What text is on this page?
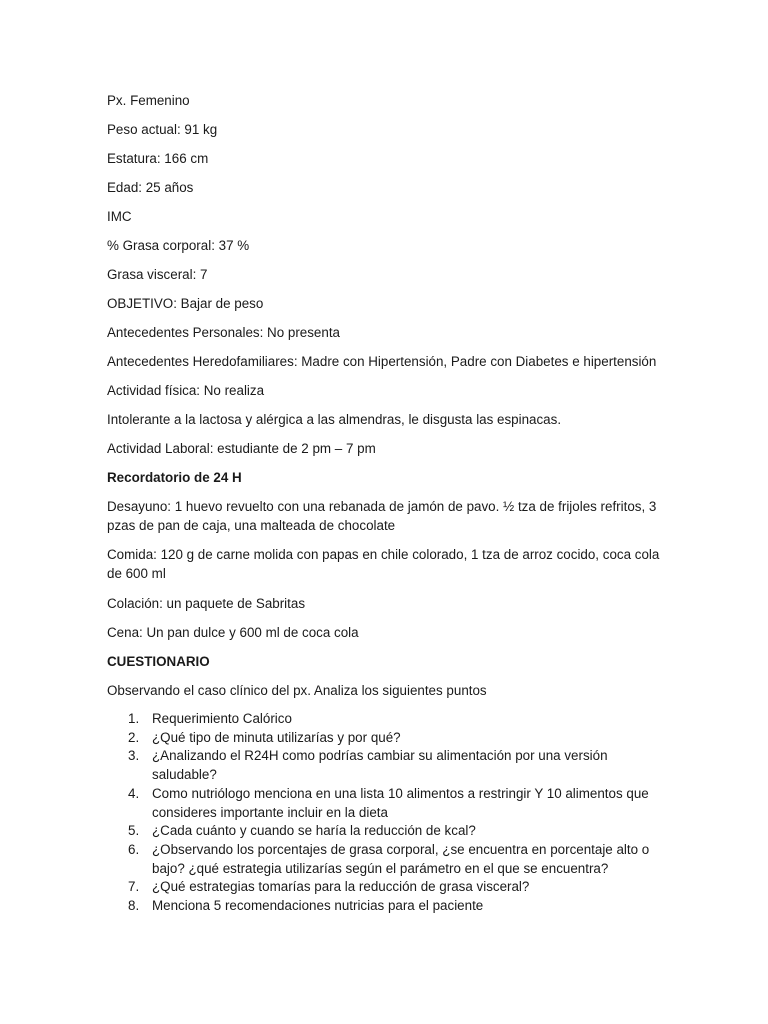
Px. Femenino

Peso actual: 91 kg

Estatura: 166 cm

Edad: 25 años

IMC

% Grasa corporal: 37 %

Grasa visceral: 7

OBJETIVO: Bajar de peso

Antecedentes Personales: No presenta

Antecedentes Heredofamiliares: Madre con Hipertensión, Padre con Diabetes e hipertensión

Actividad física: No realiza

Intolerante a la lactosa y alérgica a las almendras, le disgusta las espinacas.

Actividad Laboral: estudiante de 2 pm – 7 pm

Recordatorio de 24 H

Desayuno: 1 huevo revuelto con una rebanada de jamón de pavo. ½ tza de frijoles refritos, 3 pzas de pan de caja, una malteada de chocolate

Comida: 120 g de carne molida con papas en chile colorado, 1 tza de arroz cocido, coca cola de 600 ml

Colación: un paquete de Sabritas

Cena: Un pan dulce y 600 ml de coca cola

CUESTIONARIO

Observando el caso clínico del px. Analiza los siguientes puntos

1. Requerimiento Calórico
2. ¿Qué tipo de minuta utilizarías y por qué?
3. ¿Analizando el R24H como podrías cambiar su alimentación por una versión saludable?
4. Como nutriólogo menciona en una lista 10 alimentos a restringir Y 10 alimentos que consideres importante incluir en la dieta
5. ¿Cada cuánto y cuando se haría la reducción de kcal?
6. ¿Observando los porcentajes de grasa corporal, ¿se encuentra en porcentaje alto o bajo? ¿qué estrategia utilizarías según el parámetro en el que se encuentra?
7. ¿Qué estrategias tomarías para la reducción de grasa visceral?
8. Menciona 5 recomendaciones nutricias para el paciente
